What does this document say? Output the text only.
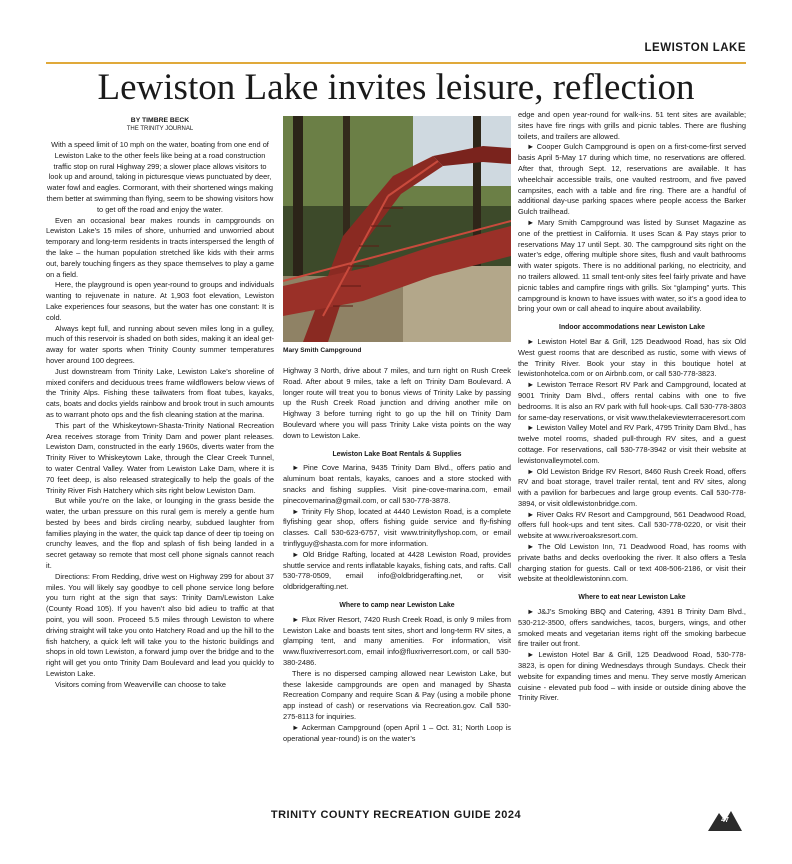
LEWISTON LAKE
Lewiston Lake invites leisure, reflection
BY TIMBRE BECK
THE TRINITY JOURNAL

With a speed limit of 10 mph on the water, boating from one end of Lewiston Lake to the other feels like being at a road construction traffic stop on rural Highway 299; a slower place allows visitors to look up and around, taking in picturesque views punctuated by deer, water fowl and eagles. Cormorant, with their shortened wings making them better at swimming than flying, seem to be showing visitors how to get off the road and enjoy the water.

Even an occasional bear makes rounds in campgrounds on Lewiston Lake’s 15 miles of shore, unhurried and unworried about temporary and long-term residents in tracts interspersed the length of the lake – the human population stretched like kids with their arms out, barely touching fingers as they space themselves to play a game on a field.

Here, the playground is open year-round to groups and individuals wanting to rejuvenate in nature. At 1,903 foot elevation, Lewiston Lake experiences four seasons, but the water has one constant: It is cold.

Always kept full, and running about seven miles long in a gulley, much of this reservoir is shaded on both sides, making it an ideal get-away for water sports when Trinity County summer temperatures hover around 100 degrees.

Just downstream from Trinity Lake, Lewiston Lake’s shoreline of mixed conifers and deciduous trees frame wildflowers below views of the Trinity Alps. Fishing these tailwaters from float tubes, kayaks, cats, boats and docks yields rainbow and brook trout in such amounts as to warrant photo ops and the fish cleaning station at the marina.

This part of the Whiskeytown-Shasta-Trinity National Recreation Area receives storage from Trinity Dam and power plant releases. Lewiston Dam, constructed in the early 1960s, diverts water from the Trinity River to Whiskeytown Lake, through the Clear Creek Tunnel, to water Central Valley. Water from Lewiston Lake Dam, where it is 70 feet deep, is also released strategically to help the goals of the Trinity River Fish Hatchery which sits right below Lewiston Dam.

But while you’re on the lake, or lounging in the grass beside the water, the urban pressure on this rural gem is merely a gentle hum bested by bees and birds circling nearby, subdued laughter from families playing in the water, the quick tap dance of deer tip toeing on crunchy leaves, and the flop and splash of fish being landed in a secret getaway so remote that most cell phone signals cannot reach it.

Directions: From Redding, drive west on Highway 299 for about 37 miles. You will likely say goodbye to cell phone service long before you turn right at the sign that says: Trinity Dam/Lewiston Lake (County Road 105). If you haven’t also bid adieu to traffic at that point, you will soon. Proceed 5.5 miles through Lewiston to where driving straight will take you onto Hatchery Road and up the hill to the fish hatchery, a quick left will take you to the historic buildings and shops in old town Lewiston, a forward jump over the bridge and to the right will get you onto Trinity Dam Boulevard and lead you quickly to Lewiston Lake.

Visitors coming from Weaverville can choose to take

Mary Smith Campground

Highway 3 North, drive about 7 miles, and turn right on Rush Creek Road. After about 9 miles, take a left on Trinity Dam Boulevard. A longer route will treat you to bonus views of Trinity Lake by passing up the Rush Creek Road junction and driving another mile on Highway 3 before turning right to go up the hill on Trinity Dam Boulevard where you will pass Trinity Lake vista points on the way down to Lewiston Lake.

Lewiston Lake Boat Rentals & Supplies

► Pine Cove Marina, 9435 Trinity Dam Blvd., offers patio and aluminum boat rentals, kayaks, canoes and a store stocked with snacks and fishing supplies. Visit pine-cove-marina.com, email pinecovemarina@gmail.com, or call 530-778-3878.

► Trinity Fly Shop, located at 4440 Lewiston Road, is a complete flyfishing gear shop, offers fishing guide service and fly-fishing classes. Call 530-623-6757, visit www.trinityflyshop.com, or email trinflyguy@shasta.com for more information.

► Old Bridge Rafting, located at 4428 Lewiston Road, provides shuttle service and rents inflatable kayaks, fishing cats, and rafts. Call 530-778-0509, email info@oldbridgerafting.net, or visit oldbridgerafting.net.

Where to camp near Lewiston Lake

► Flux River Resort, 7420 Rush Creek Road, is only 9 miles from Lewiston Lake and boasts tent sites, short and long-term RV sites, a glamping tent, and many amenities. For information, visit www.fluxriverresort.com, email info@fluxriverresort.com, or call 530-380-2486.

There is no dispersed camping allowed near Lewiston Lake, but these lakeside campgrounds are open and managed by Shasta Recreation Company and require Scan & Pay (using a mobile phone app instead of cash) or reservations via Recreation.gov. Call 530-275-8113 for inquiries.

► Ackerman Campground (open April 1 – Oct. 31; North Loop is operational year-round) is on the water’s

edge and open year-round for walk-ins. 51 tent sites are available; sites have fire rings with grills and picnic tables. There are flushing toilets, and trailers are allowed.

► Cooper Gulch Campground is open on a first-come-first served basis April 5-May 17 during which time, no reservations are offered. After that, through Sept. 12, reservations are available. It has wheelchair accessible trails, one vaulted restroom, and five paved campsites, each with a table and fire ring. There are a handful of additional day-use parking spaces where people access the Barker Gulch trailhead.

► Mary Smith Campground was listed by Sunset Magazine as one of the prettiest in California. It uses Scan & Pay stays prior to reservations May 17 until Sept. 30. The campground sits right on the water’s edge, offering multiple shore sites, flush and vault bathrooms with water spigots. There is no additional parking, no electricity, and no trailers allowed. 11 small tent-only sites feel fairly private and have picnic tables and campfire rings with grills. Six “glamping” yurts. This campground is known to have issues with water, so it’s a good idea to bring your own or call ahead to inquire about availability.

Indoor accommodations near Lewiston Lake

► Lewiston Hotel Bar & Grill, 125 Deadwood Road, has six Old West guest rooms that are described as rustic, some with views of the Trinity River. Book your stay in this boutique hotel at lewistonhotelca.com or on Airbnb.com, or call 530-778-3823.

► Lewiston Terrace Resort RV Park and Campground, located at 9001 Trinity Dam Blvd., offers rental cabins with one to five bedrooms. It is also an RV park with full hook-ups. Call 530-778-3803 for same-day reservations, or visit www.thelakeviewterraceresort.com

► Lewiston Valley Motel and RV Park, 4795 Trinity Dam Blvd., has twelve motel rooms, shaded pull-through RV sites, and a guest cottage. For reservations, call 530-778-3942 or visit their website at lewistonvalleymotel.com.

► Old Lewiston Bridge RV Resort, 8460 Rush Creek Road, offers RV and boat storage, travel trailer rental, tent and RV sites, along with a pavilion for barbecues and large group events. Call 530-778-3894, or visit oldlewistonbridge.com.

► River Oaks RV Resort and Campground, 561 Deadwood Road, offers full hook-ups and tent sites. Call 530-778-0220, or visit their website at www.riveroaksresort.com.

► The Old Lewiston Inn, 71 Deadwood Road, has rooms with private baths and decks overlooking the river. It also offers a Tesla charging station for guests. Call or text 408-506-2186, or visit their website at theoldlewistoninn.com.

Where to eat near Lewiston Lake

► J&J’s Smoking BBQ and Catering, 4391 B Trinity Dam Blvd., 530-212-3500, offers sandwiches, tacos, burgers, wings, and other smoked meats and vegetarian items right off the smoking barbecue fire trailer out front.

► Lewiston Hotel Bar & Grill, 125 Deadwood Road, 530-778-3823, is open for dining Wednesdays through Sundays. Check their website for expanding times and menu. They serve mostly American cuisine - elevated pub food – with inside or outside dining above the Trinity River.

TRINITY COUNTY RECREATION GUIDE 2024	47
